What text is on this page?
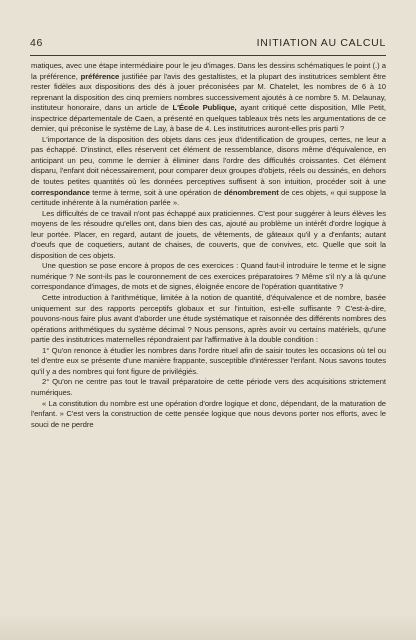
46	INITIATION AU CALCUL

matiques, avec une étape intermédiaire pour le jeu d'images. Dans les dessins schématiques le point (.) a la préférence, préférence justifiée par l'avis des gestaltistes, et la plupart des institutrices semblent être rester fidèles aux dispositions des dés à jouer préconisées par M. Chatelet, les nombres de 6 à 10 reprenant la disposition des cinq premiers nombres successivement ajoutés à ce nombre 5. M. Delaunay, instituteur honoraire, dans un article de L'École Publique, ayant critiqué cette disposition, Mlle Petit, inspectrice départementale de Caen, a présenté en quelques tableaux très nets les argumentations de ce dernier, qui préconise le système de Lay, à base de 4. Les institutrices auront-elles pris parti ?

L'importance de la disposition des objets dans ces jeux d'identification de groupes, certes, ne leur a pas échappé. D'instinct, elles réservent cet élément de ressemblance, disons même d'équivalence, en anticipant un peu, comme le dernier à éliminer dans l'ordre des difficultés croissantes. Cet élément disparu, l'enfant doit nécessairement, pour comparer deux groupes d'objets, réels ou dessinés, en dehors de toutes petites quantités où les données perceptives suffisent à son intuition, procéder soit à une correspondance terme à terme, soit à une opération de dénombrement de ces objets, « qui suppose la certitude inhérente à la numération parlée ».

Les difficultés de ce travail n'ont pas échappé aux praticiennes. C'est pour suggérer à leurs élèves les moyens de les résoudre qu'elles ont, dans bien des cas, ajouté au problème un intérêt d'ordre logique à leur portée. Placer, en regard, autant de jouets, de vêtements, de gâteaux qu'il y a d'enfants; autant d'oeufs que de coquetiers, autant de chaises, de couverts, que de convives, etc. Quelle que soit la disposition de ces objets.

Une question se pose encore à propos de ces exercices : Quand faut-il introduire le terme et le signe numérique ? Ne sont-ils pas le couronnement de ces exercices préparatoires ? Même s'il n'y a là qu'une correspondance d'images, de mots et de signes, éloignée encore de l'opération quantitative ?

Cette introduction à l'arithmétique, limitée à la notion de quantité, d'équivalence et de nombre, basée uniquement sur des rapports perceptifs globaux et sur l'intuition, est-elle suffisante ? C'est-à-dire, pouvons-nous faire plus avant d'aborder une étude systématique et raisonnée des différents nombres des opérations arithmétiques du système décimal ? Nous pensons, après avoir vu certains matériels, qu'une partie des institutrices maternelles répondraient par l'affirmative à la double condition :

1° Qu'on renonce à étudier les nombres dans l'ordre rituel afin de saisir toutes les occasions où tel ou tel d'entre eux se présente d'une manière frappante, susceptible d'intéresser l'enfant. Nous savons toutes qu'il y a des nombres qui font figure de privilégiés.

2° Qu'on ne centre pas tout le travail préparatoire de cette période vers des acquisitions strictement numériques.

« La constitution du nombre est une opération d'ordre logique et donc, dépendant, de la maturation de l'enfant. » C'est vers la construction de cette pensée logique que nous devons porter nos efforts, avec le souci de ne perdre
